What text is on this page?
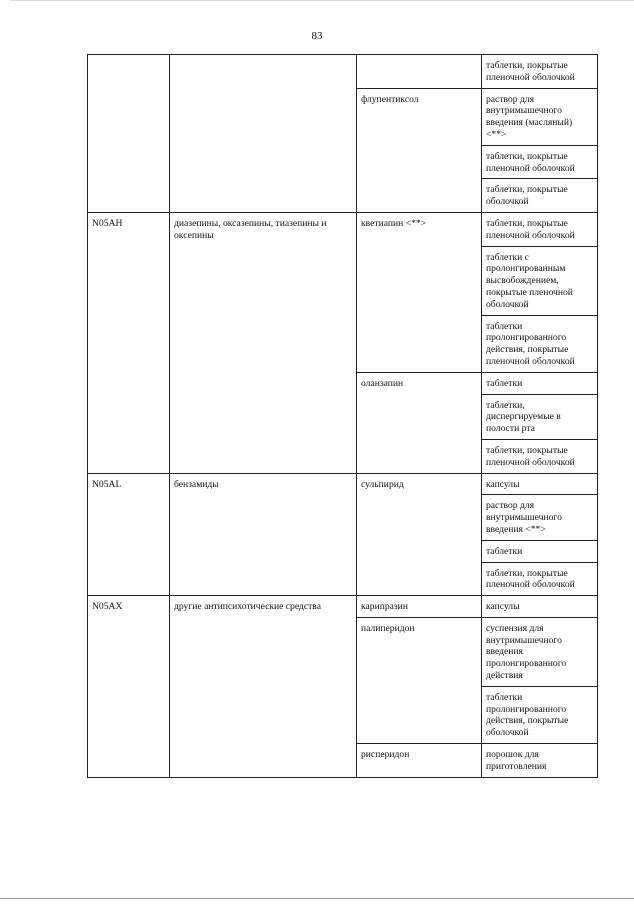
83
			таблетки, покрытые пленочной оболочкой
		флупентиксол	раствор для внутримышечного введения (масляный) <**>
			таблетки, покрытые пленочной оболочкой
			таблетки, покрытые оболочкой
N05AH	диазепины, оксазепины, тиазепины и оксепины	кветиапин <**>	таблетки, покрытые пленочной оболочкой
			таблетки с пролонгированным высвобождением, покрытые пленочной оболочкой
			таблетки пролонгированного действия, покрытые пленочной оболочкой
		оланзапин	таблетки
			таблетки, диспергируемые в полости рта
			таблетки, покрытые пленочной оболочкой
N05AL	бензамиды	сульпирид	капсулы
			раствор для внутримышечного введения <**>
			таблетки
			таблетки, покрытые пленочной оболочкой
N05AX	другие антипсихотические средства	карипразин	капсулы
		палиперидон	суспензия для внутримышечного введения пролонгированного действия
			таблетки пролонгированного действия, покрытые оболочкой
		рисперидон	порошок для приготовления
